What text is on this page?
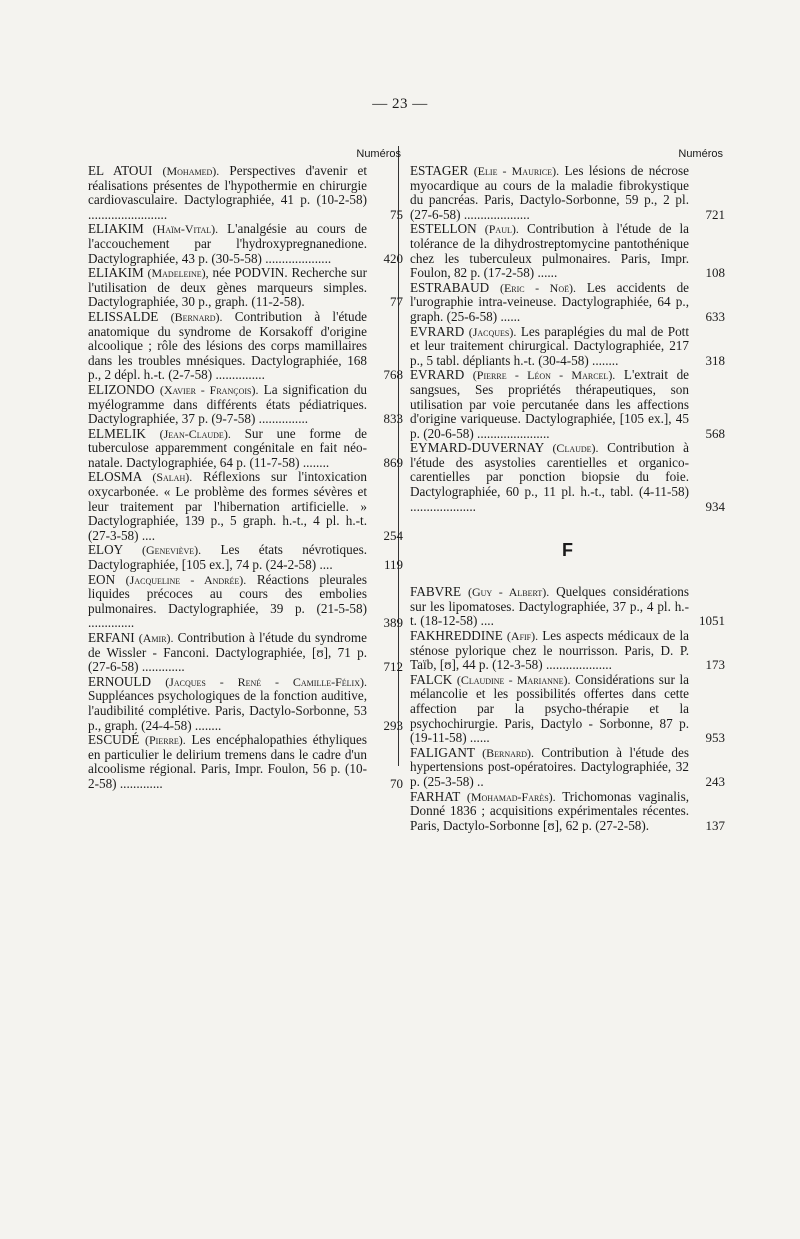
— 23 —
Numéros

EL ATOUI (Mohamed). Perspectives d'avenir et réalisations présentes de l'hypothermie en chirurgie cardiovasculaire. Dactylographiée, 41 p. (10-2-58) ........................	75

ELIAKIM (Haïm-Vital). L'analgésie au cours de l'accouchement par l'hydroxypregnanedione. Dactylographiée, 43 p. (30-5-58) ....................	420

ELIAKIM (Madeleine), née PODVIN. Recherche sur l'utilisation de deux gènes marqueurs simples. Dactylographiée, 30 p., graph. (11-2-58).	77

ELISSALDE (Bernard). Contribution à l'étude anatomique du syndrome de Korsakoff d'origine alcoolique ; rôle des lésions des corps mamillaires dans les troubles mnésiques. Dactylographiée, 168 p., 2 dépl. h.-t. (2-7-58) ...............	768

ELIZONDO (Xavier - François). La signification du myélogramme dans différents états pédiatriques. Dactylographiée, 37 p. (9-7-58) ...............	833

ELMELIK (Jean-Claude). Sur une forme de tuberculose apparemment congénitale en fait néo-natale. Dactylographiée, 64 p. (11-7-58) ........	869

ELOSMA (Salah). Réflexions sur l'intoxication oxycarbonée. « Le problème des formes sévères et leur traitement par l'hibernation artificielle. » Dactylographiée, 139 p., 5 graph. h.-t., 4 pl. h.-t. (27-3-58) ....	254

ELOY (Geneviève). Les états névrotiques. Dactylographiée, [105 ex.], 74 p. (24-2-58) ....	119

EON (Jacqueline - Andrée). Réactions pleurales liquides précoces au cours des embolies pulmonaires. Dactylographiée, 39 p. (21-5-58) ..............	389

ERFANI (Amir). Contribution à l'étude du syndrome de Wissler - Fanconi. Dactylographiée, [ʊ], 71 p. (27-6-58) .............	712

ERNOULD (Jacques - René - Camille-Félix). Suppléances psychologiques de la fonction auditive, l'audibilité complétive. Paris, Dactylo-Sorbonne, 53 p., graph. (24-4-58) ........	293

ESCUDÉ (Pierre). Les encéphalopathies éthyliques en particulier le delirium tremens dans le cadre d'un alcoolisme régional. Paris, Impr. Foulon, 56 p. (10-2-58) .............	70

Numéros

ESTAGER (Elie - Maurice). Les lésions de nécrose myocardique au cours de la maladie fibrokystique du pancréas. Paris, Dactylo-Sorbonne, 59 p., 2 pl. (27-6-58) ....................	721

ESTELLON (Paul). Contribution à l'étude de la tolérance de la dihydrostreptomycine pantothénique chez les tuberculeux pulmonaires. Paris, Impr. Foulon, 82 p. (17-2-58) ......	108

ESTRABAUD (Eric - Noë). Les accidents de l'urographie intra-veineuse. Dactylographiée, 64 p., graph. (25-6-58) ......	633

EVRARD (Jacques). Les paraplégies du mal de Pott et leur traitement chirurgical. Dactylographiée, 217 p., 5 tabl. dépliants h.-t. (30-4-58) ........	318

EVRARD (Pierre - Léon - Marcel). L'extrait de sangsues, Ses propriétés thérapeutiques, son utilisation par voie percutanée dans les affections d'origine variqueuse. Dactylographiée, [105 ex.], 45 p. (20-6-58) ......................	568

EYMARD-DUVERNAY (Claude). Contribution à l'étude des asystolies carentielles et organico-carentielles par ponction biopsie du foie. Dactylographiée, 60 p., 11 pl. h.-t., tabl. (4-11-58) ....................	934

F

FABVRE (Guy - Albert). Quelques considérations sur les lipomatoses. Dactylographiée, 37 p., 4 pl. h.-t. (18-12-58) ....	1051

FAKHREDDINE (Afif). Les aspects médicaux de la sténose pylorique chez le nourrisson. Paris, D. P. Taïb, [ʊ], 44 p. (12-3-58) ....................	173

FALCK (Claudine - Marianne). Considérations sur la mélancolie et les possibilités offertes dans cette affection par la psycho-thérapie et la psychochirurgie. Paris, Dactylo - Sorbonne, 87 p. (19-11-58) ......	953

FALIGANT (Bernard). Contribution à l'étude des hypertensions post-opératoires. Dactylographiée, 32 p. (25-3-58) ..	243

FARHAT (Mohamad-Farès). Trichomonas vaginalis, Donné 1836 ; acquisitions expérimentales récentes. Paris, Dactylo-Sorbonne [ʊ], 62 p. (27-2-58).	137
